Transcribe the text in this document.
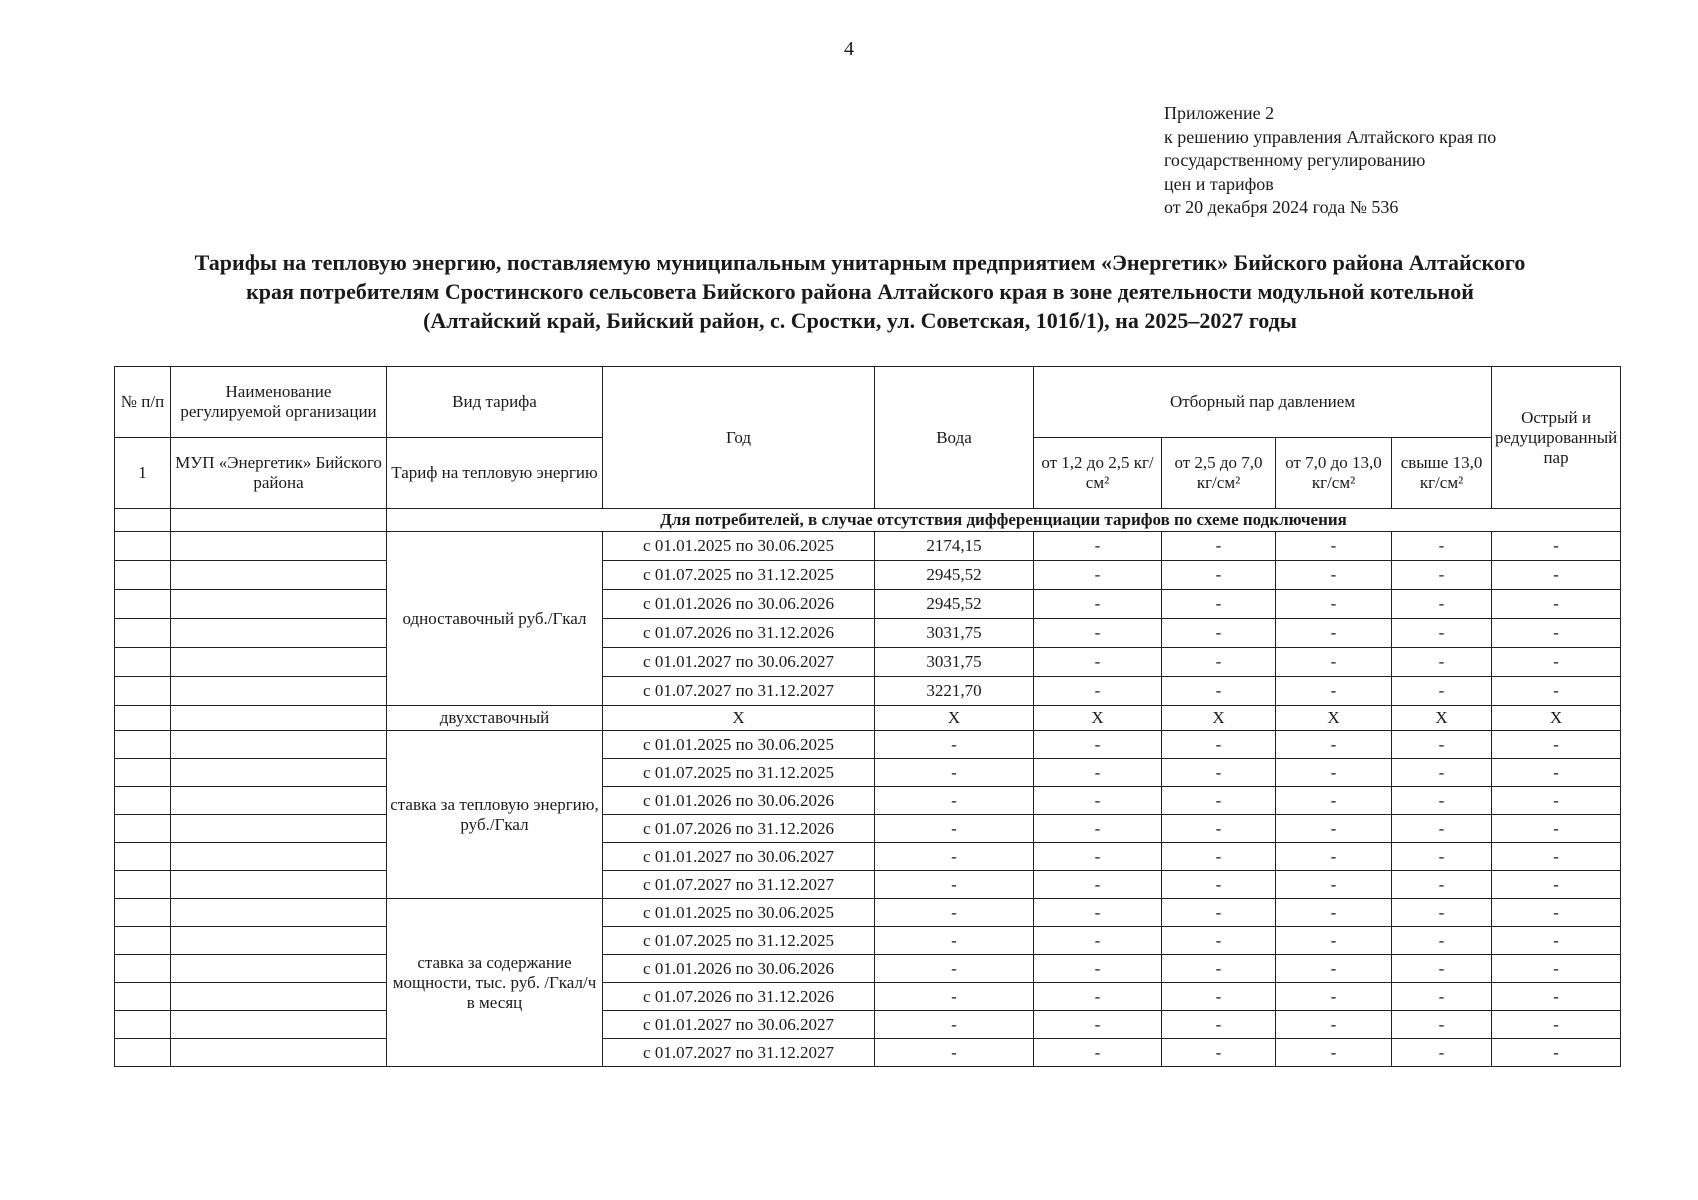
4
Приложение 2
к решению управления Алтайского края по
государственному регулированию
цен и тарифов
от 20 декабря 2024 года № 536
Тарифы на тепловую энергию, поставляемую муниципальным унитарным предприятием «Энергетик» Бийского района Алтайского
края потребителям Сростинского сельсовета Бийского района Алтайского края в зоне деятельности модульной котельной
(Алтайский край, Бийский район, с. Сростки, ул. Советская, 101б/1), на 2025–2027 годы
№ п/п	Наименование регулируемой организации	Вид тарифа	Год	Вода	Отборный пар давлением				Острый и редуцированный пар
1	МУП «Энергетик» Бийского района	Тариф на тепловую энергию			от 1,2 до 2,5 кг/см²	от 2,5 до 7,0 кг/см²	от 7,0 до 13,0 кг/см²	свыше 13,0 кг/см²	
		Для потребителей, в случае отсутствия дифференциации тарифов по схеме подключения							
		одноставочный руб./Гкал	с 01.01.2025 по 30.06.2025	2174,15	-	-	-	-	-
			с 01.07.2025 по 31.12.2025	2945,52	-	-	-	-	-
			с 01.01.2026 по 30.06.2026	2945,52	-	-	-	-	-
			с 01.07.2026 по 31.12.2026	3031,75	-	-	-	-	-
			с 01.01.2027 по 30.06.2027	3031,75	-	-	-	-	-
			с 01.07.2027 по 31.12.2027	3221,70	-	-	-	-	-
		двухставочный	X	X	X	X	X	X	X
		ставка за тепловую энергию, руб./Гкал	с 01.01.2025 по 30.06.2025	-	-	-	-	-	-
			с 01.07.2025 по 31.12.2025	-	-	-	-	-	-
			с 01.01.2026 по 30.06.2026	-	-	-	-	-	-
			с 01.07.2026 по 31.12.2026	-	-	-	-	-	-
			с 01.01.2027 по 30.06.2027	-	-	-	-	-	-
			с 01.07.2027 по 31.12.2027	-	-	-	-	-	-
		ставка за содержание мощности, тыс. руб. /Гкал/ч в месяц	с 01.01.2025 по 30.06.2025	-	-	-	-	-	-
			с 01.07.2025 по 31.12.2025	-	-	-	-	-	-
			с 01.01.2026 по 30.06.2026	-	-	-	-	-	-
			с 01.07.2026 по 31.12.2026	-	-	-	-	-	-
			с 01.01.2027 по 30.06.2027	-	-	-	-	-	-
			с 01.07.2027 по 31.12.2027	-	-	-	-	-	-
